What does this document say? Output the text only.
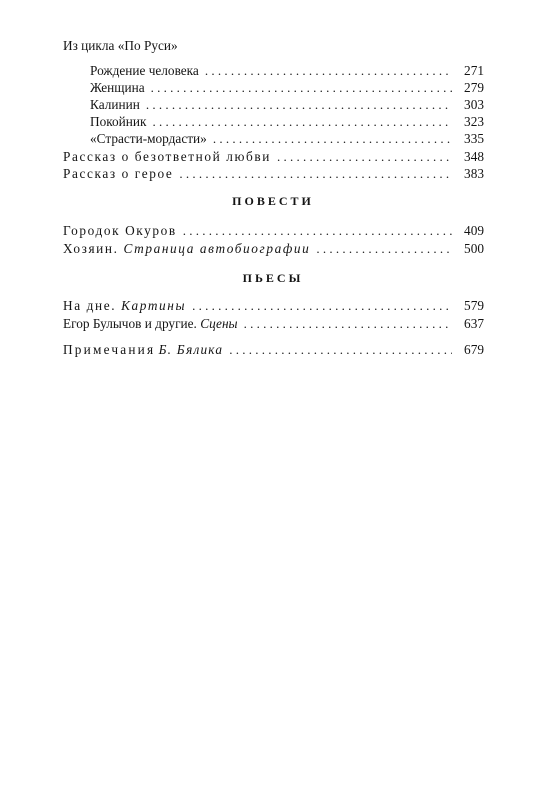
Из цикла «По Руси»
Рождение человека . . .	271
Женщина . . .	279
Калинин . . .	303
Покойник . . .	323
«Страсти-мордасти» . . .	335
Рассказ о безответной любви . . .	348
Рассказ о герое . . .	383
ПОВЕСТИ
Городок Окуров . . .	409
Хозяин. Страница автобиографии . . .	500
ПЬЕСЫ
На дне. Картины . . .	579
Егор Булычов и другие. Сцены . . .	637
Примечания Б. Бялика . . .	679
